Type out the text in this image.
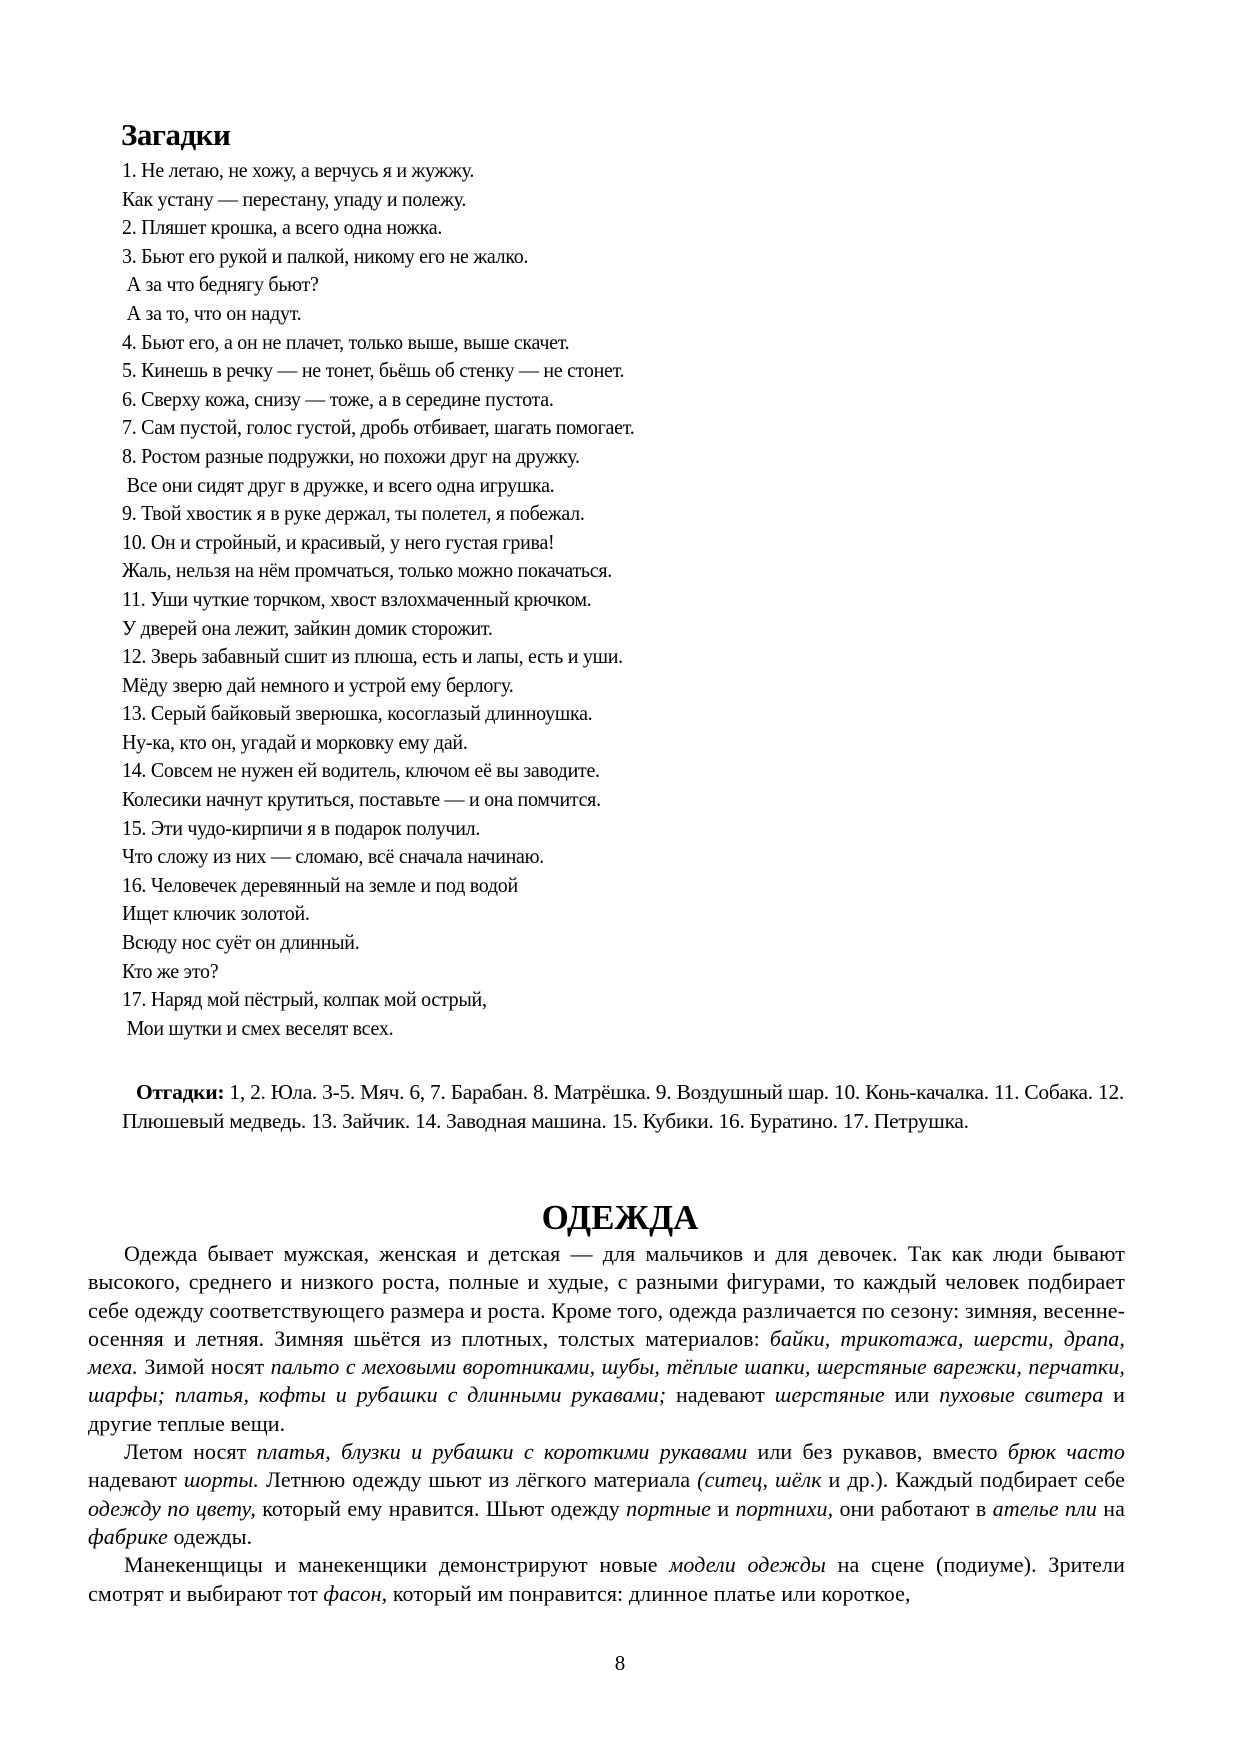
Загадки
1. Не летаю, не хожу, а верчусь я и жужжу.
Как устану — перестану, упаду и полежу.
2. Пляшет крошка, а всего одна ножка.
3. Бьют его рукой и палкой, никому его не жалко.
А за что беднягу бьют?
А за то, что он надут.
4. Бьют его, а он не плачет, только выше, выше скачет.
5. Кинешь в речку — не тонет, бьёшь об стенку — не стонет.
6. Сверху кожа, снизу — тоже, а в середине пустота.
7. Сам пустой, голос густой, дробь отбивает, шагать помогает.
8. Ростом разные подружки, но похожи друг на дружку.
Все они сидят друг в дружке, и всего одна игрушка.
9. Твой хвостик я в руке держал, ты полетел, я побежал.
10. Он и стройный, и красивый, у него густая грива!
Жаль, нельзя на нём промчаться, только можно покачаться.
11. Уши чуткие торчком, хвост взлохмаченный крючком.
У дверей она лежит, зайкин домик сторожит.
12. Зверь забавный сшит из плюша, есть и лапы, есть и уши.
Мёду зверю дай немного и устрой ему берлогу.
13. Серый байковый зверюшка, косоглазый длинноушка.
Ну-ка, кто он, угадай и морковку ему дай.
14. Совсем не нужен ей водитель, ключом её вы заводите.
Колесики начнут крутиться, поставьте — и она помчится.
15. Эти чудо-кирпичи я в подарок получил.
Что сложу из них — сломаю, всё сначала начинаю.
16. Человечек деревянный на земле и под водой
Ищет ключик золотой.
Всюду нос суёт он длинный.
Кто же это?
17. Наряд мой пёстрый, колпак мой острый,
Мои шутки и смех веселят всех.

Отгадки: 1, 2. Юла. 3-5. Мяч. 6, 7. Барабан. 8. Матрёшка. 9. Воздушный шар. 10. Конь-качалка. 11. Собака. 12. Плюшевый медведь. 13. Зайчик. 14. Заводная машина. 15. Кубики. 16. Буратино. 17. Петрушка.

ОДЕЖДА

Одежда бывает мужская, женская и детская — для мальчиков и для девочек. Так как люди бывают высокого, среднего и низкого роста, полные и худые, с разными фигурами, то каждый человек подбирает себе одежду соответствующего размера и роста. Кроме того, одежда различается по сезону: зимняя, весенне-осенняя и летняя. Зимняя шьётся из плотных, толстых материалов: байки, трикотажа, шерсти, драпа, меха. Зимой носят пальто с меховыми воротниками, шубы, тёплые шапки, шерстяные варежки, перчатки, шарфы; платья, кофты и рубашки с длинными рукавами; надевают шерстяные или пуховые свитера и другие теплые вещи.

Летом носят платья, блузки и рубашки с короткими рукавами или без рукавов, вместо брюк часто надевают шорты. Летнюю одежду шьют из лёгкого материала (ситец, шёлк и др.). Каждый подбирает себе одежду по цвету, который ему нравится. Шьют одежду портные и портнихи, они работают в ателье пли на фабрике одежды.

Манекенщицы и манекенщики демонстрируют новые модели одежды на сцене (подиуме). Зрители смотрят и выбирают тот фасон, который им понравится: длинное платье или короткое,

8
